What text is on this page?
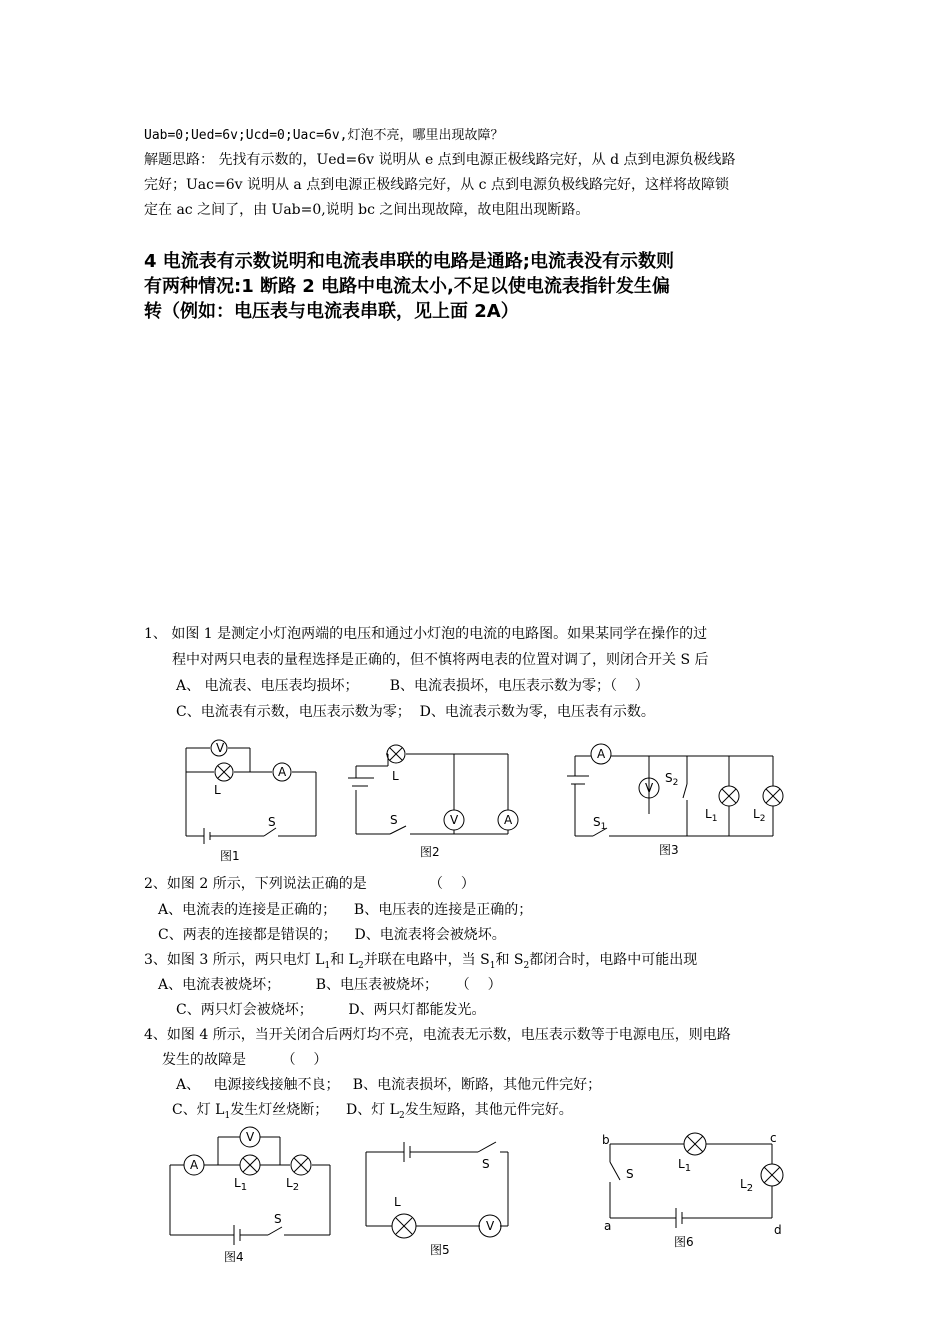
Uab=0;Ued=6v;Ucd=0;Uac=6v,灯泡不亮，哪里出现故障？
解题思路： 先找有示数的，Ued=6v 说明从 e 点到电源正极线路完好，从 d 点到电源负极线路
完好；Uac=6v 说明从 a 点到电源正极线路完好，从 c 点到电源负极线路完好，这样将故障锁
定在 ac 之间了，由 Uab=0,说明 bc 之间出现故障，故电阻出现断路。
4 电流表有示数说明和电流表串联的电路是通路;电流表没有示数则
有两种情况:1 断路 2 电路中电流太小,不足以使电流表指针发生偏
转（例如：电压表与电流表串联，见上面 2A）
1、 如图 1 是测定小灯泡两端的电压和通过小灯泡的电流的电路图。如果某同学在操作的过
程中对两只电表的量程选择是正确的，但不慎将两电表的位置对调了，则闭合开关 S 后
A、 电流表、电压表均损坏；       B、电流表损坏，电压表示数为零；（    ）
C、电流表有示数，电压表示数为零；  D、电流表示数为零，电压表有示数。
V
A
L
S
图1
V	A
L
S
图2
A
V
$S_2$
$S_1$
$L_1$	$L_2$
图3
2、如图 2 所示，下列说法正确的是              （    ）
A、电流表的连接是正确的；    B、电压表的连接是正确的；
C、两表的连接都是错误的；    D、电流表将会被烧坏。
3、如图 3 所示，两只电灯 $L_1$和 $L_2$并联在电路中，当 $S_1$和 $S_2$都闭合时，电路中可能出现
A、电流表被烧坏；        B、电压表被烧坏；    （    ）
C、两只灯会被烧坏；        D、两只灯都能发光。
4、如图 4 所示，当开关闭合后两灯均不亮，电流表无示数，电压表示数等于电源电压，则电路
发生的故障是        （    ）
A、   电源接线接触不良；   B、电流表损坏，断路，其他元件完好；
C、灯 $L_1$发生灯丝烧断；    D、灯 $L_2$发生短路，其他元件完好。
A
V
$L_1$	$L_2$
S
图4
S
L
V
图5
b	c
a	d
S
$L_1$
$L_2$
图6
